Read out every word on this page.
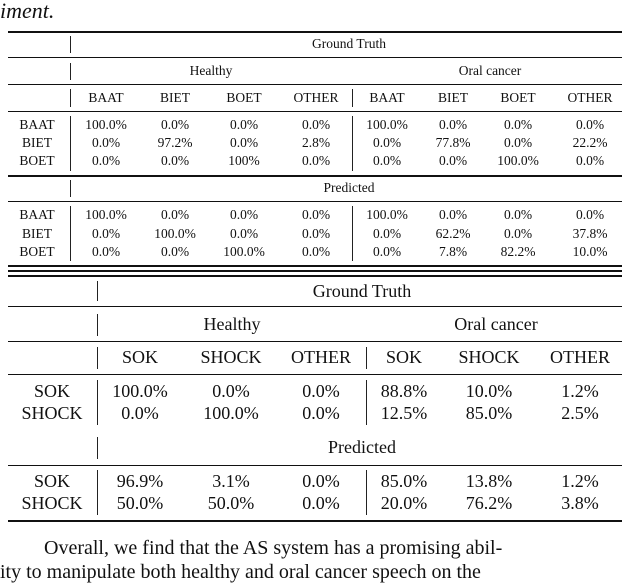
iment.
Ground Truth
Healthy	Oral cancer
BAAT	BIET	BOET OTHER BAAT BIET BOET OTHER
BAAT 100.0%	0.0%	0.0%	0.0%	100.0% 0.0%	0.0%	0.0%
BIET	0.0%	97.2%	0.0%	2.8%	0.0%	77.8% 0.0%	22.2%
BOET	0.0%	0.0%	100%	0.0%	0.0%	0.0% 100.0%	0.0%
Predicted
BAAT 100.0%	0.0%	0.0%	0.0%	100.0% 0.0%	0.0%	0.0%
BIET	0.0%	100.0%	0.0%	0.0%	0.0%	62.2% 0.0%	37.8%
BOET	0.0%	0.0%	100.0%	0.0%	0.0%	7.8% 82.2%	10.0%
Ground Truth
Healthy	Oral cancer
SOK SHOCK OTHER SOK SHOCK OTHER
SOK 100.0% 0.0%	0.0% 88.8% 10.0%	1.2%
SHOCK 0.0% 100.0% 0.0% 12.5% 85.0%	2.5%
Predicted
SOK	96.9%	3.1%	0.0% 85.0% 13.8%	1.2%
SHOCK 50.0% 50.0%	0.0% 20.0% 76.2%	3.8%
Overall, we find that the AS system has a promising abil-
ity to manipulate both healthy and oral cancer speech on the
